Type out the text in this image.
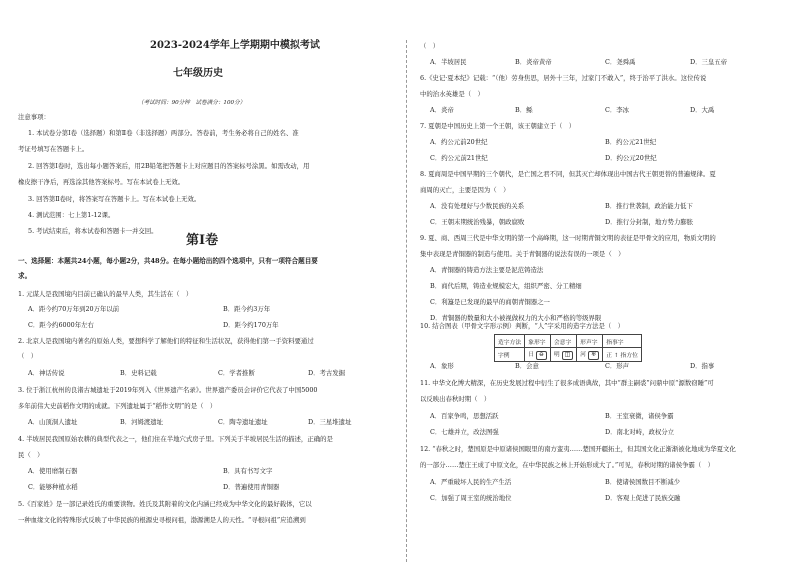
2023-2024学年上学期期中模拟考试
七年级历史
（考试时间：90分钟　试卷满分：100分）
注意事项：
1. 本试卷分第Ⅰ卷（选择题）和第Ⅱ卷（非选择题）两部分。答卷前，考生务必将自己的姓名、准
考证号填写在答题卡上。
2. 回答第Ⅰ卷时，选出每小题答案后，用2B铅笔把答题卡上对应题目的答案标号涂黑。如需改动，用
橡皮擦干净后，再选涂其他答案标号。写在本试卷上无效。
3. 回答第Ⅱ卷时，将答案写在答题卡上。写在本试卷上无效。
4. 测试范围：七上第1-12课。
5. 考试结束后，将本试卷和答题卡一并交回。
第Ⅰ卷
一、选择题：本题共24小题，每小题2分，共48分。在每小题给出的四个选项中，只有一项符合题目要
求。
1. 元谋人是我国境内目前已确认的最早人类，其生活在（　）
A．距今约70万年到20万年以前	B．距今约3万年
C．距今约6000年左右	D．距今约170万年
2. 北京人是我国境内著名的原始人类，要想科学了解他们的特征和生活状况，获得他们第一手资料要通过
（　）
A．神话传说	B．史料记载	C．学者推断	D．考古发掘
3. 位于浙江杭州的良渚古城遗址于2019年列入《世界遗产名录》。世界遗产委员会评价它代表了中国5000
多年前伟大史前稻作文明的成就。下列遗址属于“稻作文明”的是（　）
A．山顶洞人遗址	B．河姆渡遗址	C．陶寺遗址遗址	D．三星堆遗址
4. 半坡居民我国原始农耕的典型代表之一，他们住在半地穴式房子里。下列关于半坡居民生活的描述，正确的是
民（　）
A．使用磨制石器	B．具有书写文字
C．能够种植水稻	D．普遍使用青铜器
5.《百家姓》是一部记录姓氏的重要读物。姓氏及其附着的文化内涵已经成为中华文化的最好载体，它以
一种血缘文化的特殊形式反映了中华民族的根源史寻根问祖，渤源溯是人的天性。“寻根问祖”应追溯到
（　）
A．半坡居民	B．炎帝黄帝	C．尧舜禹	D．三皇五帝
6.《史记·夏本纪》记载：“（他）劳身焦思，居外十三年，过家门不敢入”，终于治平了洪水。这位传说
中的治水英雄是（　）
A．炎帝	B．鲧	C．李冰	D．大禹
7. 夏朝是中国历史上第一个王朝，该王朝建立于（　）
A．约公元前20世纪	B．约公元21世纪
C．约公元前21世纪	D．约公元20世纪
8. 夏商周是中国早期的三个朝代，是亡国之君不同，但其灭亡却体现出中国古代王朝更替的普遍规律。夏
商周的灭亡，主要是因为（　）
A．没有处理好与少数民族的关系	B．推行世袭制，政治能力低下
C．王朝末期统治残暴，朝政腐败	D．推行分封制，地方势力膨胀
9. 夏、商、西周三代是中华文明的第一个高峰期，这一时期青铜文明的表征是甲骨文的应用，物质文明的
集中表现是青铜器的制造与使用。关于青铜器的说法有误的一项是（　）
A．青铜器的铸造方法主要是泥范铸造法
B．商代后期，铸造业规模宏大，组织严密、分工精细
C．利簋是已发现的最早的商朝青铜器之一
D．青铜器的数量和大小被视做权力的大小和严格的等级界限
10. 结合图表（甲骨文字形示例）判断，“人”字采用的造字方法是（　）
造字方法	象形字	会意字	形声字	指事字
字例	日 ⊖	明 ◫	河 ♅	正 ↑ 指方位
A．象形	B．会意	C．形声	D．指事
11. 中华文化博大精深，在历史发展过程中衍生了很多成语典故，其中“群主嗣裘”问鼎中原“源数窃睡”可
以反映出春秋时期（　）
A．百家争鸣，思想活跃	B．王室衰微，诸侯争霸
C．七雄并立，改法图强	D．南北对峙，政权分立
12. “春秋之时，楚国原是中原诸侯国眼里的南方蛮夷……楚国开疆拓土，但其国文化正渐渐被化地成为华夏文化
的一部分……楚庄王成了中原文化，在中华民族之林上开始形成大了。”可见，春秋时期的诸侯争霸（　）
A．严重破坏人民的生产生活	B．使诸侯国数目不断减少
C．加强了周王室的统治地位	D．客观上促进了民族交融
